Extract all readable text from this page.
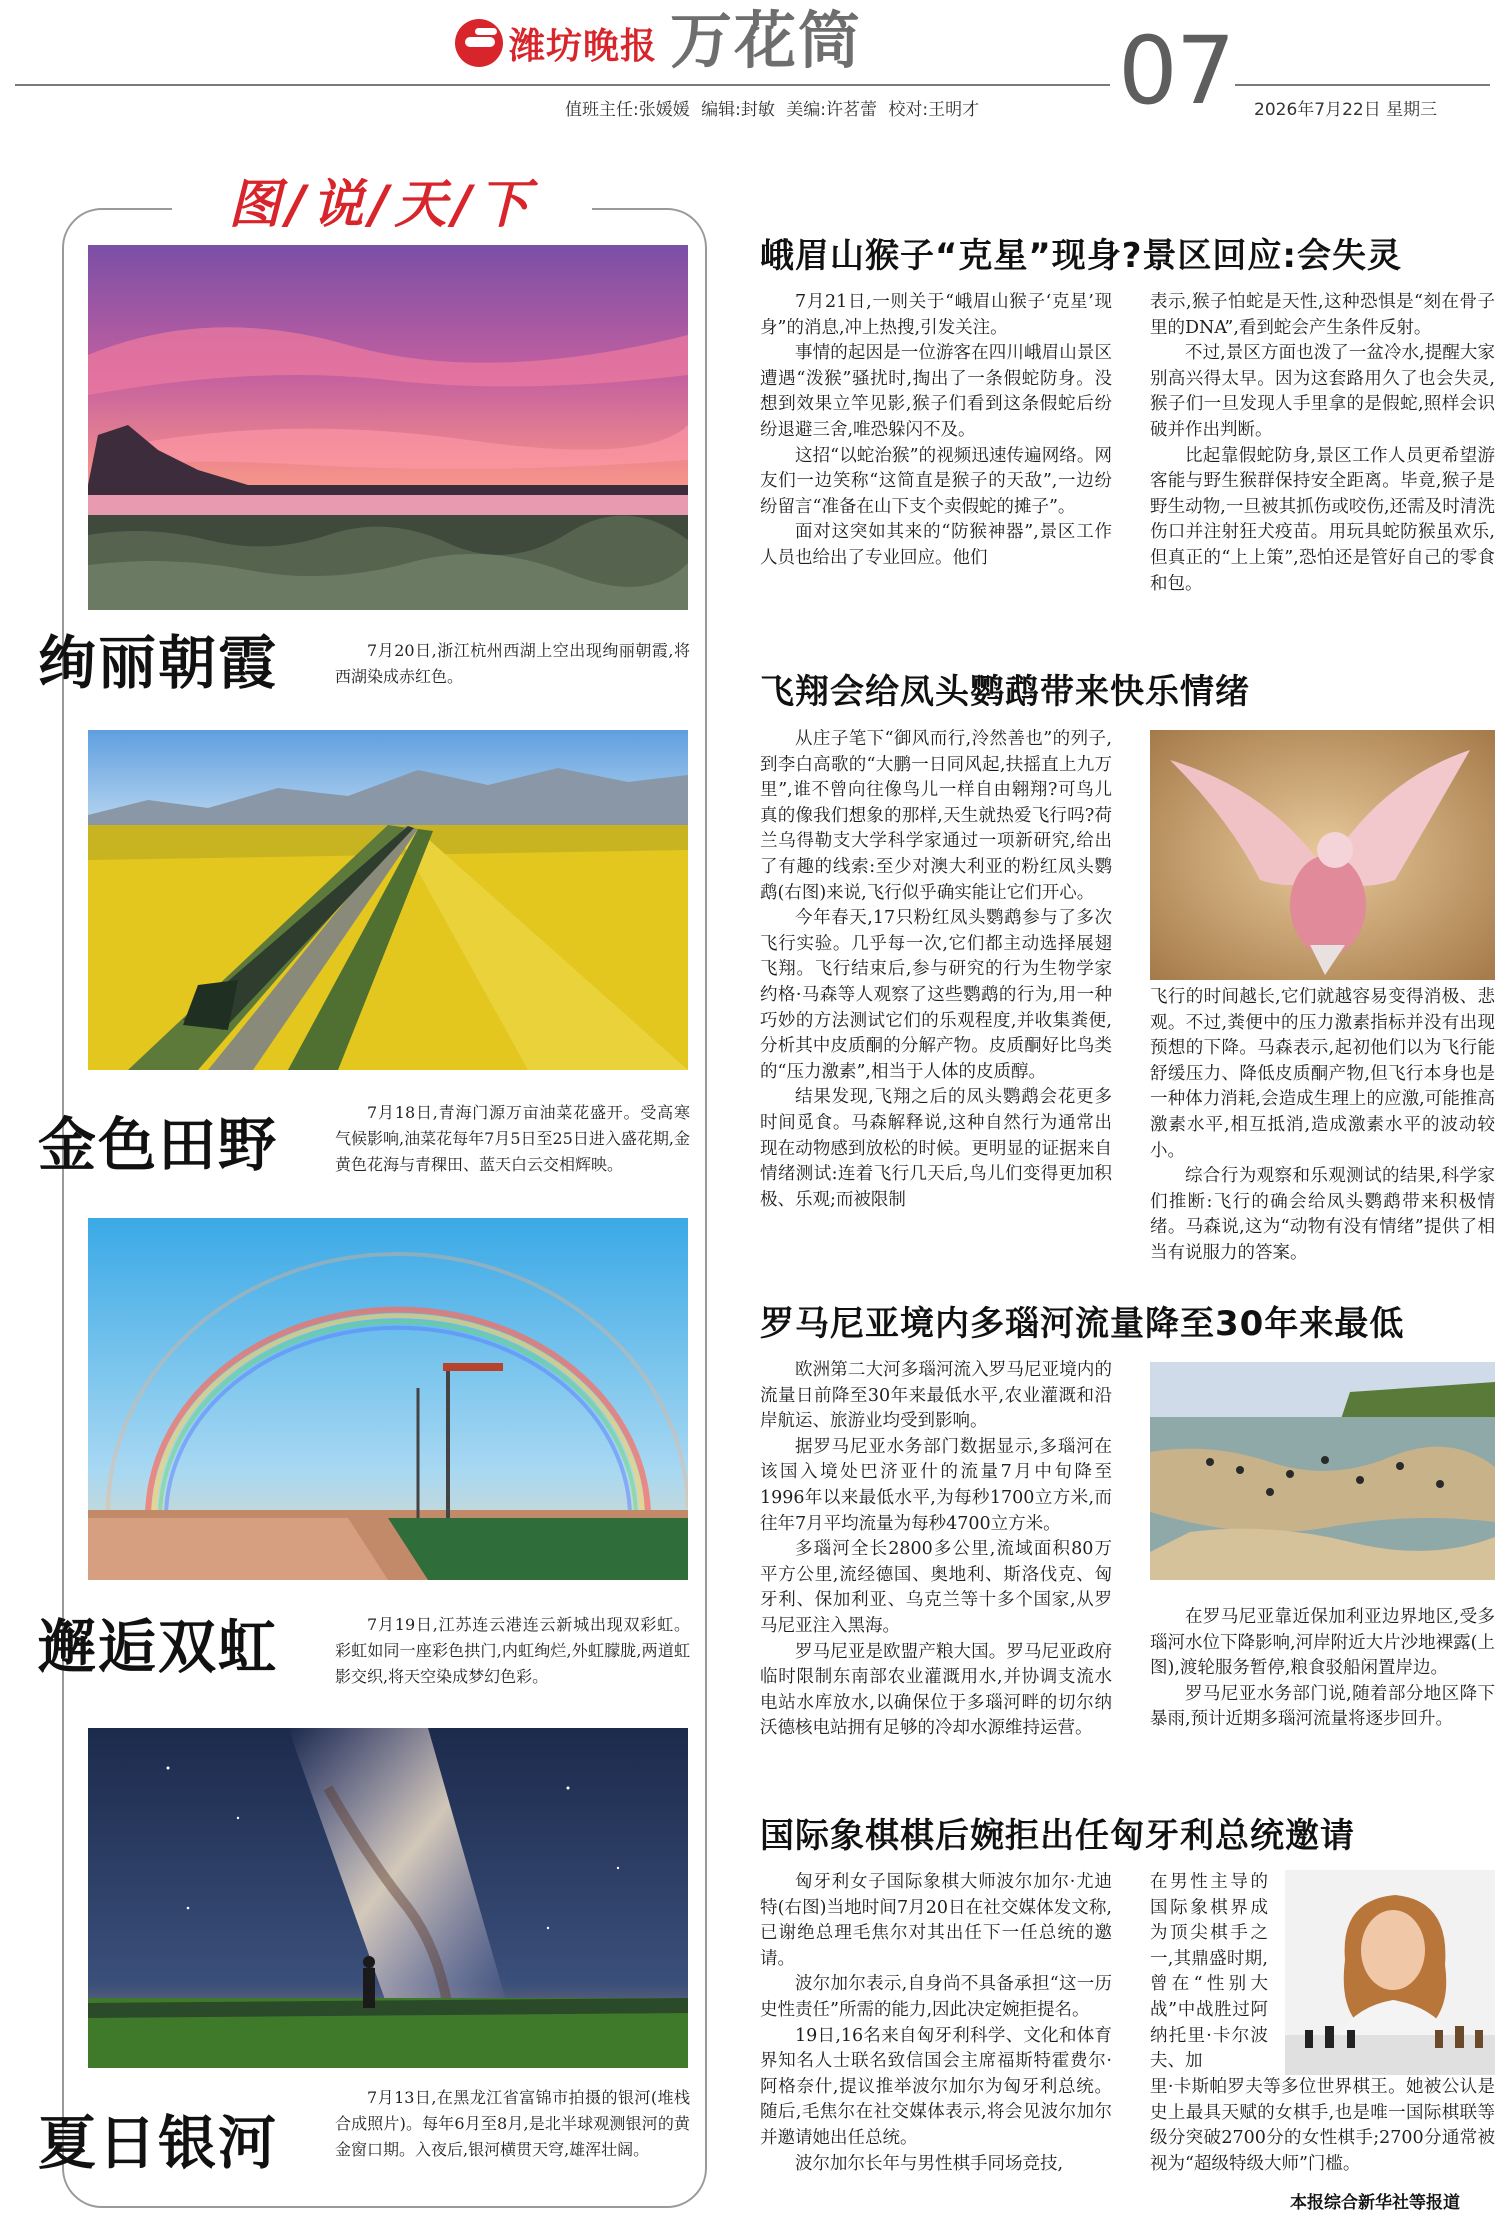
潍坊晚报 万花筒	07
值班主任:张媛媛 编辑:封敏 美编:许茗蕾 校对:王明才	2026年7月22日 星期三
图/说/天/下
绚丽朝霞	7月20日,浙江杭州西湖上空出现绚丽朝霞,将西湖染成赤红色。
金色田野	7月18日,青海门源万亩油菜花盛开。受高寒气候影响,油菜花每年7月5日至25日进入盛花期,金黄色花海与青稞田、蓝天白云交相辉映。
邂逅双虹	7月19日,江苏连云港连云新城出现双彩虹。彩虹如同一座彩色拱门,内虹绚烂,外虹朦胧,两道虹影交织,将天空染成梦幻色彩。
夏日银河
7月13日,在黑龙江省富锦市拍摄的银河(堆栈合成照片)。每年6月至8月,是北半球观测银河的黄金窗口期。入夜后,银河横贯天穹,雄浑壮阔。
峨眉山猴子“克星”现身?景区回应:会失灵

7月21日,一则关于“峨眉山猴子‘克星’现身”的消息,冲上热搜,引发关注。

事情的起因是一位游客在四川峨眉山景区遭遇“泼猴”骚扰时,掏出了一条假蛇防身。没想到效果立竿见影,猴子们看到这条假蛇后纷纷退避三舍,唯恐躲闪不及。

这招“以蛇治猴”的视频迅速传遍网络。网友们一边笑称“这简直是猴子的天敌”,一边纷纷留言“准备在山下支个卖假蛇的摊子”。

面对这突如其来的“防猴神器”,景区工作人员也给出了专业回应。他们

表示,猴子怕蛇是天性,这种恐惧是“刻在骨子里的DNA”,看到蛇会产生条件反射。

不过,景区方面也泼了一盆冷水,提醒大家别高兴得太早。因为这套路用久了也会失灵,猴子们一旦发现人手里拿的是假蛇,照样会识破并作出判断。

比起靠假蛇防身,景区工作人员更希望游客能与野生猴群保持安全距离。毕竟,猴子是野生动物,一旦被其抓伤或咬伤,还需及时清洗伤口并注射狂犬疫苗。用玩具蛇防猴虽欢乐,但真正的“上上策”,恐怕还是管好自己的零食和包。

飞翔会给凤头鹦鹉带来快乐情绪

从庄子笔下“御风而行,泠然善也”的列子,到李白高歌的“大鹏一日同风起,扶摇直上九万里”,谁不曾向往像鸟儿一样自由翱翔?可鸟儿真的像我们想象的那样,天生就热爱飞行吗?荷兰乌得勒支大学科学家通过一项新研究,给出了有趣的线索:至少对澳大利亚的粉红凤头鹦鹉(右图)来说,飞行似乎确实能让它们开心。

今年春天,17只粉红凤头鹦鹉参与了多次飞行实验。几乎每一次,它们都主动选择展翅飞翔。飞行结束后,参与研究的行为生物学家约格·马森等人观察了这些鹦鹉的行为,用一种巧妙的方法测试它们的乐观程度,并收集粪便,分析其中皮质酮的分解产物。皮质酮好比鸟类的“压力激素”,相当于人体的皮质醇。

结果发现,飞翔之后的凤头鹦鹉会花更多时间觅食。马森解释说,这种自然行为通常出现在动物感到放松的时候。更明显的证据来自情绪测试:连着飞行几天后,鸟儿们变得更加积极、乐观;而被限制

飞行的时间越长,它们就越容易变得消极、悲观。不过,粪便中的压力激素指标并没有出现预想的下降。马森表示,起初他们以为飞行能舒缓压力、降低皮质酮产物,但飞行本身也是一种体力消耗,会造成生理上的应激,可能推高激素水平,相互抵消,造成激素水平的波动较小。

综合行为观察和乐观测试的结果,科学家们推断:飞行的确会给凤头鹦鹉带来积极情绪。马森说,这为“动物有没有情绪”提供了相当有说服力的答案。

罗马尼亚境内多瑙河流量降至30年来最低

欧洲第二大河多瑙河流入罗马尼亚境内的流量日前降至30年来最低水平,农业灌溉和沿岸航运、旅游业均受到影响。

据罗马尼亚水务部门数据显示,多瑙河在该国入境处巴济亚什的流量7月中旬降至1996年以来最低水平,为每秒1700立方米,而往年7月平均流量为每秒4700立方米。

多瑙河全长2800多公里,流域面积80万平方公里,流经德国、奥地利、斯洛伐克、匈牙利、保加利亚、乌克兰等十多个国家,从罗马尼亚注入黑海。

罗马尼亚是欧盟产粮大国。罗马尼亚政府临时限制东南部农业灌溉用水,并协调支流水电站水库放水,以确保位于多瑙河畔的切尔纳沃德核电站拥有足够的冷却水源维持运营。

在罗马尼亚靠近保加利亚边界地区,受多瑙河水位下降影响,河岸附近大片沙地裸露(上图),渡轮服务暂停,粮食驳船闲置岸边。

罗马尼亚水务部门说,随着部分地区降下暴雨,预计近期多瑙河流量将逐步回升。

国际象棋棋后婉拒出任匈牙利总统邀请

匈牙利女子国际象棋大师波尔加尔·尤迪特(右图)当地时间7月20日在社交媒体发文称,已谢绝总理毛焦尔对其出任下一任总统的邀请。

波尔加尔表示,自身尚不具备承担“这一历史性责任”所需的能力,因此决定婉拒提名。

19日,16名来自匈牙利科学、文化和体育界知名人士联名致信国会主席福斯特霍费尔·阿格奈什,提议推举波尔加尔为匈牙利总统。随后,毛焦尔在社交媒体表示,将会见波尔加尔并邀请她出任总统。

波尔加尔长年与男性棋手同场竞技,

在男性主导的国际象棋界成为顶尖棋手之一,其鼎盛时期,曾在“性别大战”中战胜过阿纳托里·卡尔波夫、加

里·卡斯帕罗夫等多位世界棋王。她被公认是史上最具天赋的女棋手,也是唯一国际棋联等级分突破2700分的女性棋手;2700分通常被视为“超级特级大师”门槛。

本报综合新华社等报道
